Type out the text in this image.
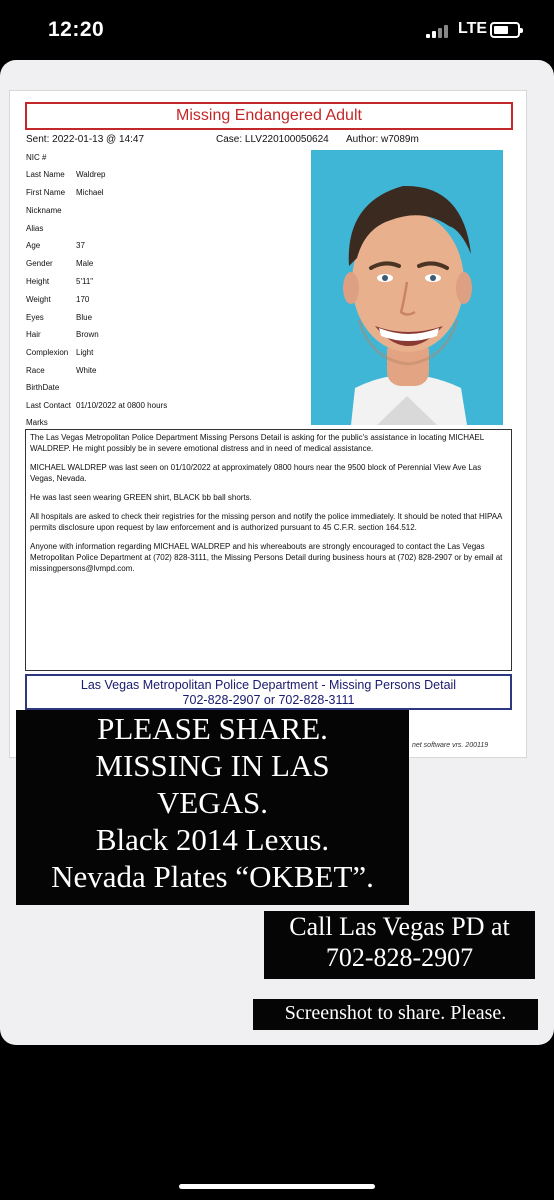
12:20	LTE
Missing Endangered Adult
Sent: 2022-01-13 @ 14:47	Case: LLV220100050624 Author: w7089m
NIC #
Last Name Waldrep
First Name Michael
Nickname
Alias
Age	37
Gender	Male
Height	5'11"
Weight	170
Eyes	Blue
Hair	Brown
Complexion Light
Race	White
BirthDate
Last Contact 01/10/2022 at 0800 hours
Marks

The Las Vegas Metropolitan Police Department Missing Persons Detail is asking for the public's assistance in locating MICHAEL WALDREP. He might possibly be in severe emotional distress and in need of medical assistance.

MICHAEL WALDREP was last seen on 01/10/2022 at approximately 0800 hours near the 9500 block of Perennial View Ave Las Vegas, Nevada.

He was last seen wearing GREEN shirt, BLACK bb ball shorts.

All hospitals are asked to check their registries for the missing person and notify the police immediately. It should be noted that HIPAA permits disclosure upon request by law enforcement and is authorized pursuant to 45 C.F.R. section 164.512.

Anyone with information regarding MICHAEL WALDREP and his whereabouts are strongly encouraged to contact the Las Vegas Metropolitan Police Department at (702) 828-3111, the Missing Persons Detail during business hours at (702) 828-2907 or by email at missingpersons@lvmpd.com.

Las Vegas Metropolitan Police Department - Missing Persons Detail
702-828-2907 or 702-828-3111
net software vrs. 200119
PLEASE SHARE.
MISSING IN LAS
VEGAS.
Black 2014 Lexus.
Nevada Plates “OKBET”.
Call Las Vegas PD at
702-828-2907
Screenshot to share. Please.
